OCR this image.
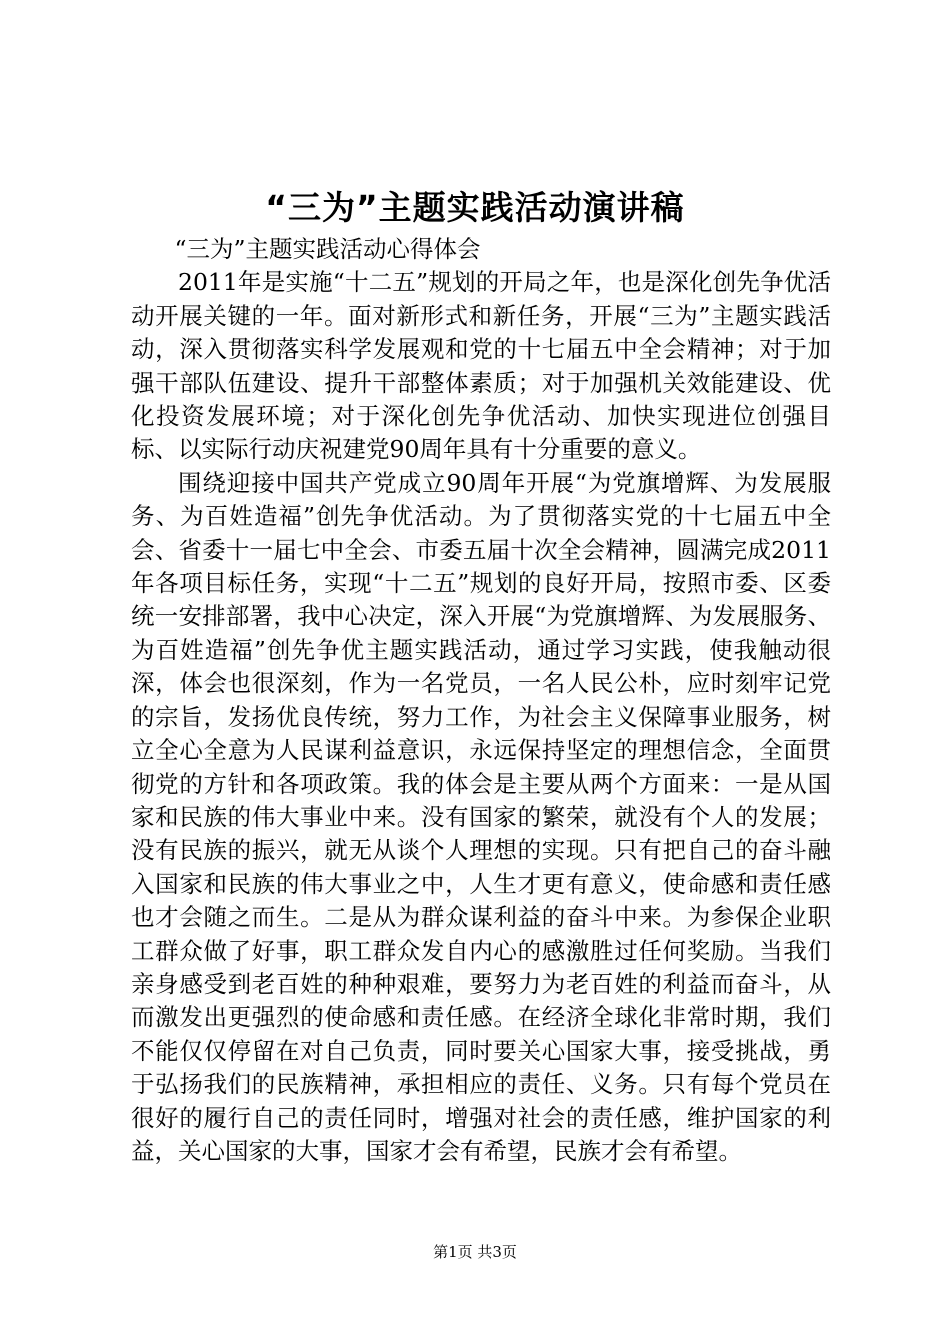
“三为”主题实践活动演讲稿

“三为”主题实践活动心得体会

2011年是实施“十二五”规划的开局之年，也是深化创先争优活动开展关键的一年。面对新形式和新任务，开展“三为”主题实践活动，深入贯彻落实科学发展观和党的十七届五中全会精神；对于加强干部队伍建设、提升干部整体素质；对于加强机关效能建设、优化投资发展环境；对于深化创先争优活动、加快实现进位创强目标、以实际行动庆祝建党90周年具有十分重要的意义。

围绕迎接中国共产党成立90周年开展“为党旗增辉、为发展服务、为百姓造福”创先争优活动。为了贯彻落实党的十七届五中全会、省委十一届七中全会、市委五届十次全会精神，圆满完成2011年各项目标任务，实现“十二五”规划的良好开局，按照市委、区委统一安排部署，我中心决定，深入开展“为党旗增辉、为发展服务、为百姓造福”创先争优主题实践活动，通过学习实践，使我触动很深，体会也很深刻，作为一名党员，一名人民公朴，应时刻牢记党的宗旨，发扬优良传统，努力工作，为社会主义保障事业服务，树立全心全意为人民谋利益意识，永远保持坚定的理想信念，全面贯彻党的方针和各项政策。我的体会是主要从两个方面来：一是从国家和民族的伟大事业中来。没有国家的繁荣，就没有个人的发展；没有民族的振兴，就无从谈个人理想的实现。只有把自己的奋斗融入国家和民族的伟大事业之中，人生才更有意义，使命感和责任感也才会随之而生。二是从为群众谋利益的奋斗中来。为参保企业职工群众做了好事，职工群众发自内心的感激胜过任何奖励。当我们亲身感受到老百姓的种种艰难，要努力为老百姓的利益而奋斗，从而激发出更强烈的使命感和责任感。在经济全球化非常时期，我们不能仅仅停留在对自己负责，同时要关心国家大事，接受挑战，勇于弘扬我们的民族精神，承担相应的责任、义务。只有每个党员在很好的履行自己的责任同时，增强对社会的责任感，维护国家的利益，关心国家的大事，国家才会有希望，民族才会有希望。

第1页 共3页
